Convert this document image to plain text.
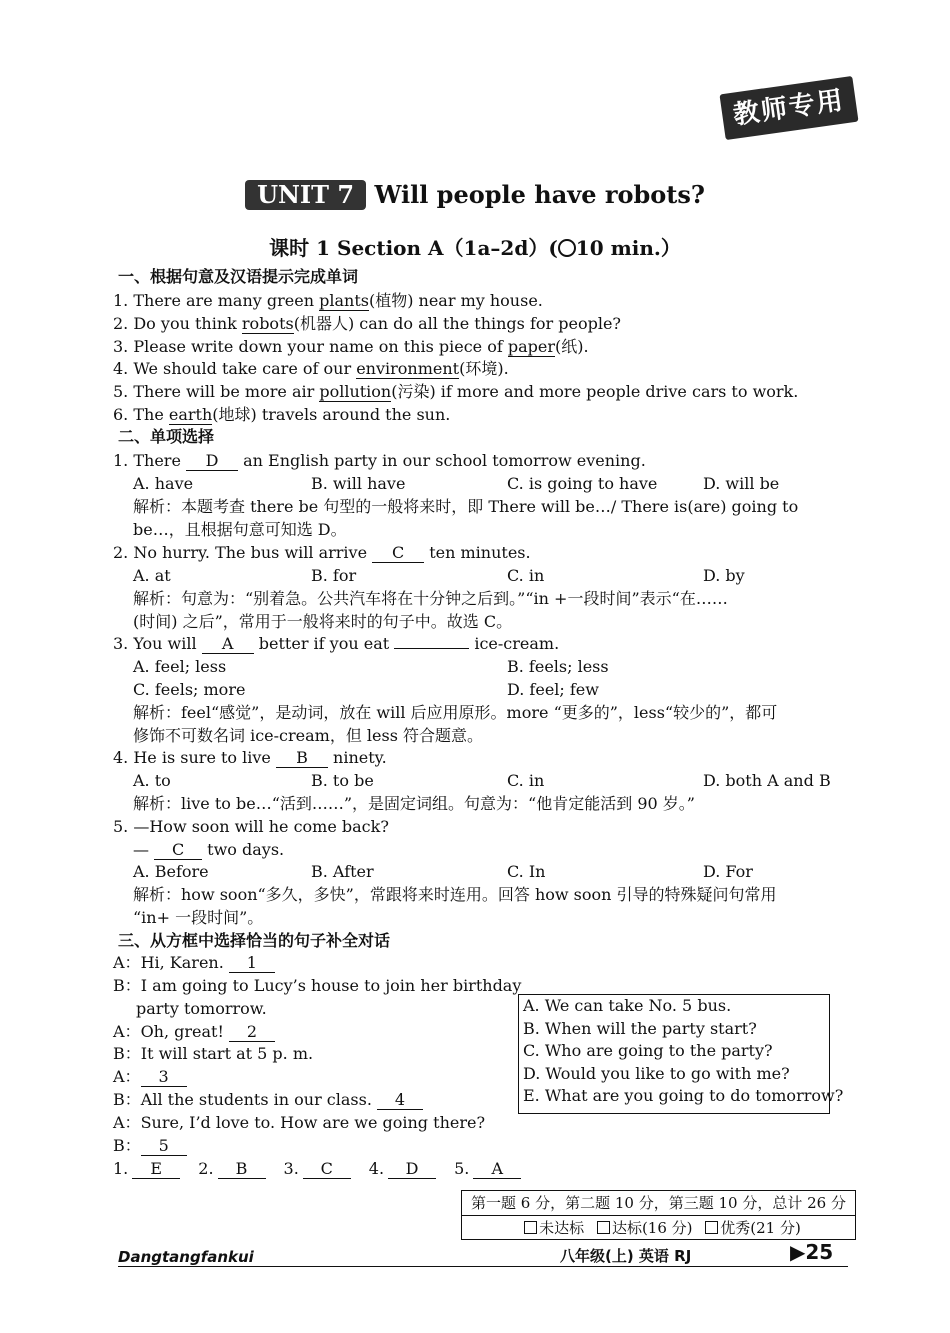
教师专用
UNIT 7 Will people have robots?
课时 1 Section A（1a–2d）( 10 min.）
一、根据句意及汉语提示完成单词
1. There are many green plants(植物) near my house.
2. Do you think robots(机器人) can do all the things for people?
3. Please write down your name on this piece of paper(纸).
4. We should take care of our environment(环境).
5. There will be more air pollution(污染) if more and more people drive cars to work.
6. The earth(地球) travels around the sun.
二、单项选择
1. There D an English party in our school tomorrow evening.
A. have	B. will have	C. is going to have	D. will be
解析：本题考查 there be 句型的一般将来时，即 There will be…/ There is(are) going to
be…，且根据句意可知选 D。
2. No hurry. The bus will arrive C ten minutes.
A. at	B. for	C. in	D. by
解析：句意为：“别着急。公共汽车将在十分钟之后到。”“in +一段时间”表示“在……
(时间) 之后”，常用于一般将来时的句子中。故选 C。
3. You will A better if you eat	ice-cream.
A. feel; less	B. feels; less
C. feels; more	D. feel; few
解析：feel“感觉”，是动词，放在 will 后应用原形。more “更多的”，less“较少的”，都可
修饰不可数名词 ice-cream，但 less 符合题意。
4. He is sure to live B ninety.
A. to	B. to be	C. in	D. both A and B
解析：live to be…“活到……”，是固定词组。句意为：“他肯定能活到 90 岁。”
5. —How soon will he come back?
— C two days.
A. Before	B. After	C. In	D. For
解析：how soon“多久，多快”，常跟将来时连用。回答 how soon 引导的特殊疑问句常用
“in+ 一段时间”。
三、从方框中选择恰当的句子补全对话
A：Hi, Karen. 1
B：I am going to Lucy’s house to join her birthday
party tomorrow.
A：Oh, great! 2
B：It will start at 5 p. m.
A： 3
B：All the students in our class. 4
A：Sure, I’d love to. How are we going there?
B： 5
A. We can take No. 5 bus.
B. When will the party start?
C. Who are going to the party?
D. Would you like to go with me?
E. What are you going to do tomorrow?
1. E 2. B 3. C 4. D 5. A
第一题 6 分，第二题 10 分，第三题 10 分，总计 26 分
未达标 达标(16 分) 优秀(21 分)
Dangtangfankui	八年级(上) 英语 RJ	▶25
